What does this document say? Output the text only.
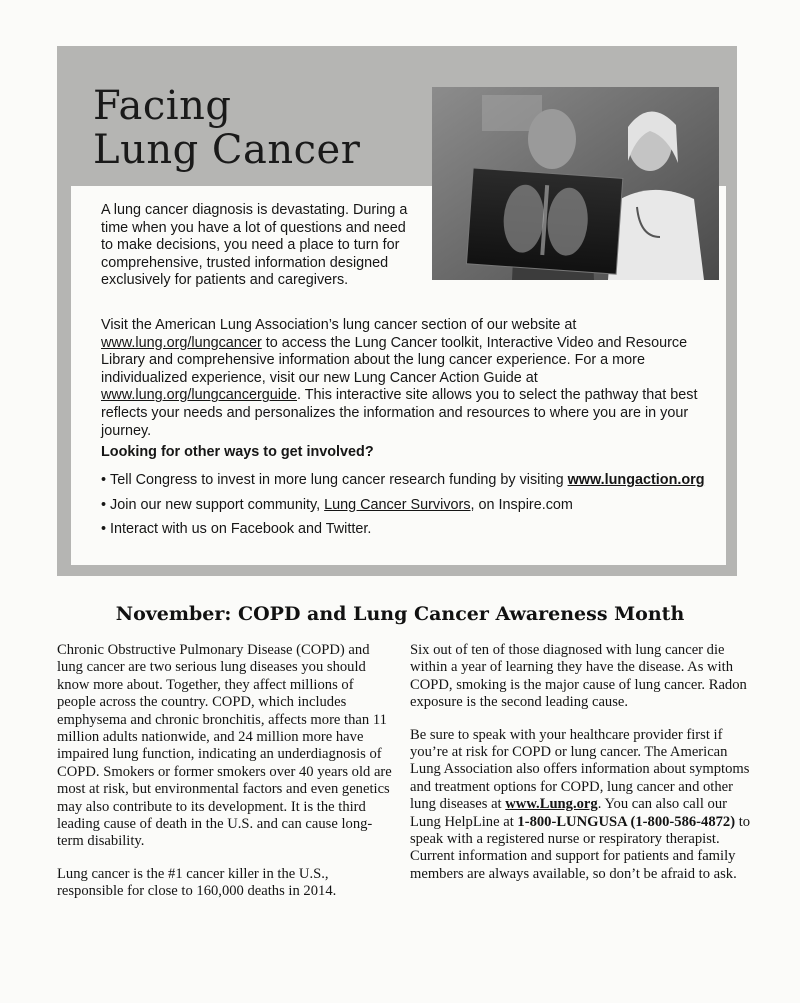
Facing
Lung Cancer

A lung cancer diagnosis is devastating. During a time when you have a lot of questions and need to make decisions, you need a place to turn for comprehensive, trusted information designed exclusively for patients and caregivers.

Visit the American Lung Association’s lung cancer section of our website at www.lung.org/lungcancer to access the Lung Cancer toolkit, Interactive Video and Resource Library and comprehensive information about the lung cancer experience. For a more individualized experience, visit our new Lung Cancer Action Guide at www.lung.org/lungcancerguide. This interactive site allows you to select the pathway that best reflects your needs and personalizes the information and resources to where you are in your journey.

Looking for other ways to get involved?

• Tell Congress to invest in more lung cancer research funding by visiting www.lungaction.org
• Join our new support community, Lung Cancer Survivors, on Inspire.com
• Interact with us on Facebook and Twitter.
November: COPD and Lung Cancer Awareness Month

Chronic Obstructive Pulmonary Disease (COPD) and lung cancer are two serious lung diseases you should know more about. Together, they affect millions of people across the country. COPD, which includes emphysema and chronic bronchitis, affects more than 11 million adults nationwide, and 24 million more have impaired lung function, indicating an underdiagnosis of COPD. Smokers or former smokers over 40 years old are most at risk, but environmental factors and even genetics may also contribute to its development. It is the third leading cause of death in the U.S. and can cause long-term disability.

Lung cancer is the #1 cancer killer in the U.S., responsible for close to 160,000 deaths in 2014.

Six out of ten of those diagnosed with lung cancer die within a year of learning they have the disease. As with COPD, smoking is the major cause of lung cancer. Radon exposure is the second leading cause.

Be sure to speak with your healthcare provider first if you’re at risk for COPD or lung cancer. The American Lung Association also offers information about symptoms and treatment options for COPD, lung cancer and other lung diseases at www.Lung.org. You can also call our Lung HelpLine at 1-800-LUNGUSA (1-800-586-4872) to speak with a registered nurse or respiratory therapist. Current information and support for patients and family members are always available, so don’t be afraid to ask.
